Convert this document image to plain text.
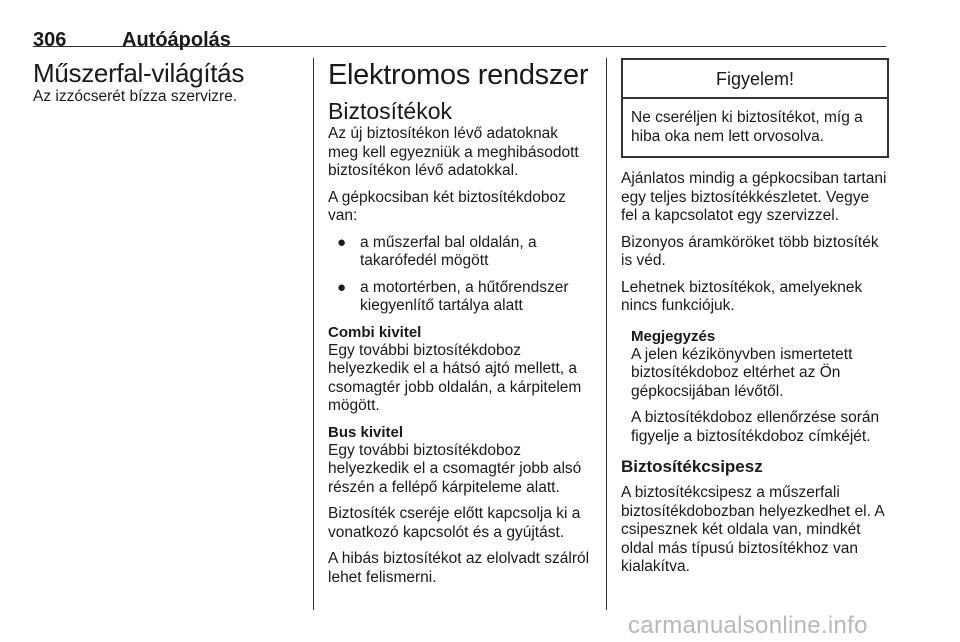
306	Autóápolás
Műszerfal-világítás

Az izzócserét bízza szervizre.

Elektromos rendszer
Biztosítékok

Az új biztosítékon lévő adatoknak meg kell egyezniük a meghibásodott biztosítékon lévő adatokkal.

A gépkocsiban két biztosítékdoboz van:

● a műszerfal bal oldalán, a takarófedél mögött
● a motortérben, a hűtőrendszer kiegyenlítő tartálya alatt
Combi kivitel

Egy további biztosítékdoboz helyezkedik el a hátsó ajtó mellett, a csomagtér jobb oldalán, a kárpitelem mögött.

Bus kivitel

Egy további biztosítékdoboz helyezkedik el a csomagtér jobb alsó részén a fellépő kárpiteleme alatt.

Biztosíték cseréje előtt kapcsolja ki a vonatkozó kapcsolót és a gyújtást.

A hibás biztosítékot az elolvadt szálról lehet felismerni.

Figyelem!
Ne cseréljen ki biztosítékot, míg a hiba oka nem lett orvosolva.

Ajánlatos mindig a gépkocsiban tartani egy teljes biztosítékkészletet. Vegye fel a kapcsolatot egy szervizzel.

Bizonyos áramköröket több biztosíték is véd.

Lehetnek biztosítékok, amelyeknek nincs funkciójuk.

Megjegyzés

A jelen kézikönyvben ismertetett biztosítékdoboz eltérhet az Ön gépkocsijában lévőtől.

A biztosítékdoboz ellenőrzése során figyelje a biztosítékdoboz címkéjét.

Biztosítékcsipesz

A biztosítékcsipesz a műszerfali biztosítékdobozban helyezkedhet el. A csipesznek két oldala van, mindkét oldal más típusú biztosítékhoz van kialakítva.

carmanualsonline.info
